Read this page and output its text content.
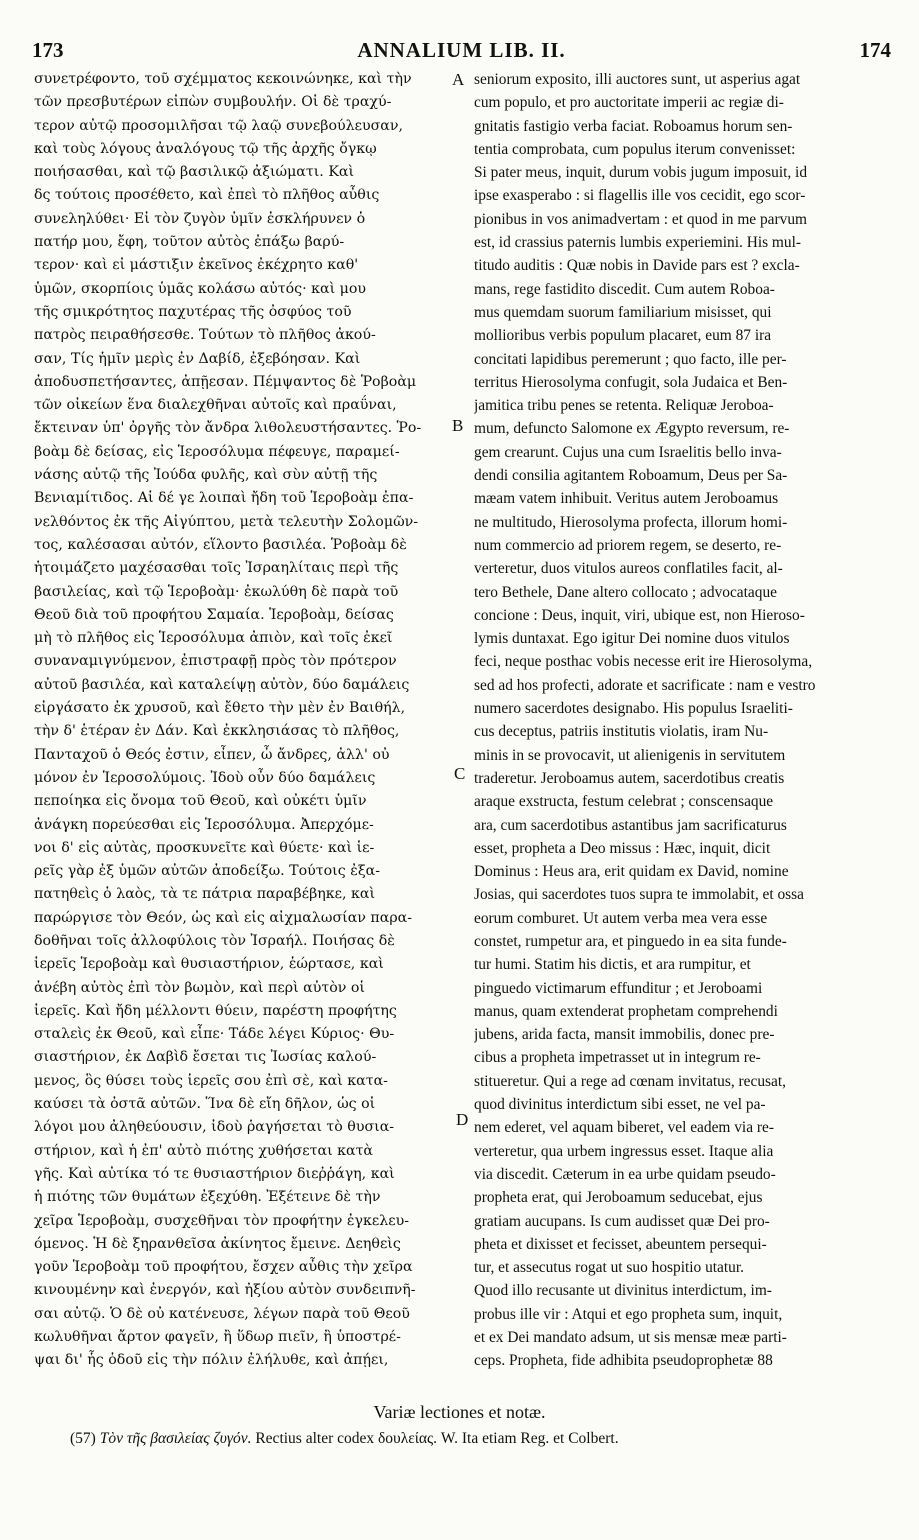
173	ANNALIUM LIB. II.	174
συνετρέφοντο, τοῦ σχέμματος κεκοινώνηκε, καὶ τὴν
τῶν πρεσβυτέρων εἰπὼν συμβουλήν. Οἱ δὲ τραχύ-
τερον αὐτῷ προσομιλῆσαι τῷ λαῷ συνεβούλευσαν,
καὶ τοὺς λόγους ἀναλόγους τῷ τῆς ἀρχῆς ὄγκῳ
ποιήσασθαι, καὶ τῷ βασιλικῷ ἀξιώματι. Καὶ
δς τούτοις προσέθετο, καὶ ἐπεὶ τὸ πλῆθος αὖθις
συνεληλύθει· Εἰ τὸν ζυγὸν ὑμῖν ἐσκλήρυνεν ὁ
πατήρ μου, ἔφη, τοῦτον αὐτὸς ἐπάξω βαρύ-
τερον· καὶ εἰ μάστιξιν ἐκεῖνος ἐκέχρητο καθ'
ὑμῶν, σκορπίοις ὑμᾶς κολάσω αὐτός· καὶ μου
τῆς σμικρότητος παχυτέρας τῆς ὀσφύος τοῦ
πατρὸς πειραθήσεσθε. Τούτων τὸ πλῆθος ἀκού-
σαν, Τίς ἡμῖν μερὶς ἐν Δαβίδ, ἐξεβόησαν. Καὶ
ἀποδυσπετήσαντες, ἀπῇεσαν. Πέμψαντος δὲ Ῥοβοὰμ
τῶν οἰκείων ἕνα διαλεχθῆναι αὐτοῖς καὶ πραΰναι,
ἔκτειναν ὑπ' ὀργῆς τὸν ἄνδρα λιθολευστήσαντες. Ῥο-
βοὰμ δὲ δείσας, εἰς Ἱεροσόλυμα πέφευγε, παραμεί-
νάσης αὐτῷ τῆς Ἰούδα φυλῆς, καὶ σὺν αὐτῇ τῆς
Βενιαμίτιδος. Αἱ δέ γε λοιπαὶ ἤδη τοῦ Ἱεροβοὰμ ἐπα-
νελθόντος ἐκ τῆς Αἰγύπτου, μετὰ τελευτὴν Σολομῶν-
τος, καλέσασαι αὐτόν, εἵλοντο βασιλέα. Ῥοβοὰμ δὲ
ἡτοιμάζετο μαχέσασθαι τοῖς Ἰσραηλίταις περὶ τῆς
βασιλείας, καὶ τῷ Ἱεροβοὰμ· ἐκωλύθη δὲ παρὰ τοῦ
Θεοῦ διὰ τοῦ προφήτου Σαμαία. Ἱεροβοὰμ, δείσας
μὴ τὸ πλῆθος εἰς Ἱεροσόλυμα ἀπιὸν, καὶ τοῖς ἐκεῖ
συναναμιγνύμενον, ἐπιστραφῇ πρὸς τὸν πρότερον
αὐτοῦ βασιλέα, καὶ καταλείψῃ αὐτὸν, δύο δαμάλεις
εἰργάσατο ἐκ χρυσοῦ, καὶ ἔθετο τὴν μὲν ἐν Βαιθήλ,
τὴν δ' ἑτέραν ἐν Δάν. Καὶ ἐκκλησιάσας τὸ πλῆθος,
Πανταχοῦ ὁ Θεός ἐστιν, εἶπεν, ὦ ἄνδρες, ἀλλ' οὐ
μόνον ἐν Ἱεροσολύμοις. Ἰδοὺ οὖν δύο δαμάλεις
πεποίηκα εἰς ὄνομα τοῦ Θεοῦ, καὶ οὐκέτι ὑμῖν
ἀνάγκη πορεύεσθαι εἰς Ἱεροσόλυμα. Ἀπερχόμε-
νοι δ' εἰς αὐτὰς, προσκυνεῖτε καὶ θύετε· καὶ ἱε-
ρεῖς γὰρ ἐξ ὑμῶν αὐτῶν ἀποδείξω. Τούτοις ἐξα-
πατηθεὶς ὁ λαὸς, τὰ τε πάτρια παραβέβηκε, καὶ
παρώργισε τὸν Θεόν, ὡς καὶ εἰς αἰχμαλωσίαν παρα-
δοθῆναι τοῖς ἀλλοφύλοις τὸν Ἰσραήλ. Ποιήσας δὲ
ἱερεῖς Ἱεροβοὰμ καὶ θυσιαστήριον, ἑώρτασε, καὶ
ἀνέβη αὐτὸς ἐπὶ τὸν βωμὸν, καὶ περὶ αὐτὸν οἱ
ἱερεῖς. Καὶ ἤδη μέλλοντι θύειν, παρέστη προφήτης
σταλεὶς ἐκ Θεοῦ, καὶ εἶπε· Τάδε λέγει Κύριος· Θυ-
σιαστήριον, ἐκ Δαβὶδ ἔσεται τις Ἰωσίας καλού-
μενος, ὃς θύσει τοὺς ἱερεῖς σου ἐπὶ σὲ, καὶ κατα-
καύσει τὰ ὀστᾶ αὐτῶν. Ἵνα δὲ εἴη δῆλον, ὡς οἱ
λόγοι μου ἀληθεύουσιν, ἰδοὺ ῥαγήσεται τὸ θυσια-
στήριον, καὶ ἡ ἐπ' αὐτὸ πιότης χυθήσεται κατὰ
γῆς. Καὶ αὐτίκα τό τε θυσιαστήριον διεῤῥάγη, καὶ
ἡ πιότης τῶν θυμάτων ἐξεχύθη. Ἐξέτεινε δὲ τὴν
χεῖρα Ἱεροβοὰμ, συσχεθῆναι τὸν προφήτην ἐγκελευ-
όμενος. Ἡ δὲ ξηρανθεῖσα ἀκίνητος ἔμεινε. Δεηθεὶς
γοῦν Ἱεροβοὰμ τοῦ προφήτου, ἔσχεν αὖθις τὴν χεῖρα
κινουμένην καὶ ἐνεργόν, καὶ ἠξίου αὐτὸν συνδειπνῆ-
σαι αὐτῷ. Ὁ δὲ οὐ κατένευσε, λέγων παρὰ τοῦ Θεοῦ
κωλυθῆναι ἄρτον φαγεῖν, ἢ ὕδωρ πιεῖν, ἢ ὑποστρέ-
ψαι δι' ἧς ὁδοῦ εἰς τὴν πόλιν ἐλήλυθε, καὶ ἀπῄει,
seniorum exposito, illi auctores sunt, ut asperius agat
cum populo, et pro auctoritate imperii ac regiæ di-
gnitatis fastigio verba faciat. Roboamus horum sen-
tentia comprobata, cum populus iterum convenisset:
Si pater meus, inquit, durum vobis jugum imposuit, id
ipse exasperabo : si flagellis ille vos cecidit, ego scor-
pionibus in vos animadvertam : et quod in me parvum
est, id crassius paternis lumbis experiemini. His mul-
titudo auditis : Quæ nobis in Davide pars est ? excla-
mans, rege fastidito discedit. Cum autem Roboa-
mus quemdam suorum familiarium misisset, qui
mollioribus verbis populum placaret, eum 87 ira
concitati lapidibus peremerunt ; quo facto, ille per-
territus Hierosolyma confugit, sola Judaica et Ben-
jamitica tribu penes se retenta. Reliquæ Jeroboa-
mum, defuncto Salomone ex Ægypto reversum, re-
gem crearunt. Cujus una cum Israelitis bello inva-
dendi consilia agitantem Roboamum, Deus per Sa-
mæam vatem inhibuit. Veritus autem Jeroboamus
ne multitudo, Hierosolyma profecta, illorum homi-
num commercio ad priorem regem, se deserto, re-
verteretur, duos vitulos aureos conflatiles facit, al-
tero Bethele, Dane altero collocato ; advocataque
concione : Deus, inquit, viri, ubique est, non Hieroso-
lymis duntaxat. Ego igitur Dei nomine duos vitulos
feci, neque posthac vobis necesse erit ire Hierosolyma,
sed ad hos profecti, adorate et sacrificate : nam e vestro
numero sacerdotes designabo. His populus Israeliti-
cus deceptus, patriis institutis violatis, iram Nu-
minis in se provocavit, ut alienigenis in servitutem
traderetur. Jeroboamus autem, sacerdotibus creatis
araque exstructa, festum celebrat ; conscensaque
ara, cum sacerdotibus astantibus jam sacrificaturus
esset, propheta a Deo missus : Hæc, inquit, dicit
Dominus : Heus ara, erit quidam ex David, nomine
Josias, qui sacerdotes tuos supra te immolabit, et ossa
eorum comburet. Ut autem verba mea vera esse
constet, rumpetur ara, et pinguedo in ea sita funde-
tur humi. Statim his dictis, et ara rumpitur, et
pinguedo victimarum effunditur ; et Jeroboami
manus, quam extenderat prophetam comprehendi
jubens, arida facta, mansit immobilis, donec pre-
cibus a propheta impetrasset ut in integrum re-
stitueretur. Qui a rege ad cœnam invitatus, recusat,
quod divinitus interdictum sibi esset, ne vel pa-
nem ederet, vel aquam biberet, vel eadem via re-
verteretur, qua urbem ingressus esset. Itaque alia
via discedit. Cæterum in ea urbe quidam pseudo-
propheta erat, qui Jeroboamum seducebat, ejus
gratiam aucupans. Is cum audisset quæ Dei pro-
pheta et dixisset et fecisset, abeuntem persequi-
tur, et assecutus rogat ut suo hospitio utatur.
Quod illo recusante ut divinitus interdictum, im-
probus ille vir : Atqui et ego propheta sum, inquit,
et ex Dei mandato adsum, ut sis mensæ meæ parti-
ceps. Propheta, fide adhibita pseudoprophetæ 88
A
B
C
D
Variæ lectiones et notæ.
(57) Τὸν τῆς βασιλείας ζυγόν. Rectius alter codex δουλείας. W. Ita etiam Reg. et Colbert.
